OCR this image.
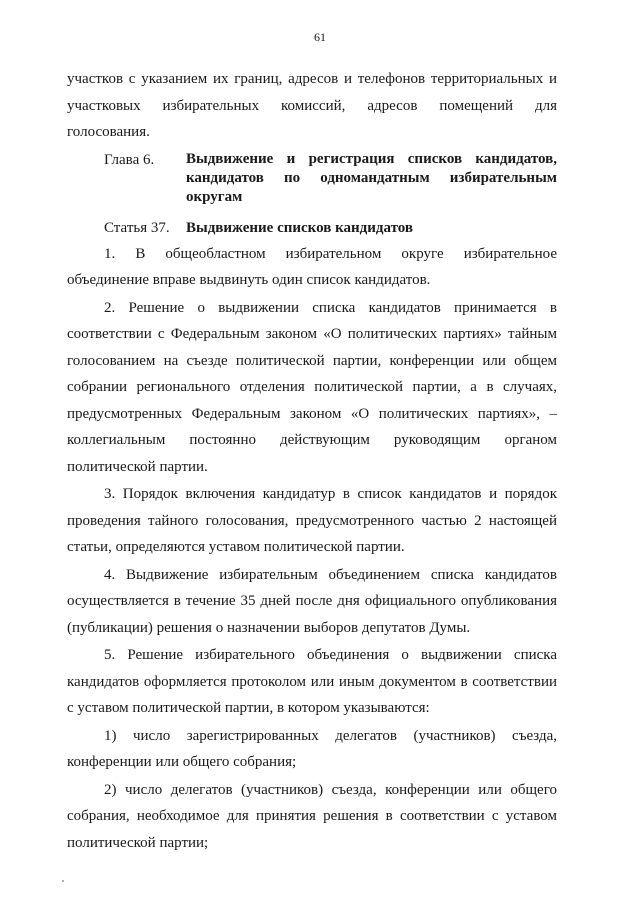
61

участков с указанием их границ, адресов и телефонов территориальных и

участковых избирательных комиссий, адресов помещений для

голосования.

Глава 6.	Выдвижение и регистрация списков кандидатов, кандидатов по одномандатным избирательным округам
Статья 37.	Выдвижение списков кандидатов

1. В общеобластном избирательном округе избирательное объединение вправе выдвинуть один список кандидатов.

2. Решение о выдвижении списка кандидатов принимается в соответствии с Федеральным законом «О политических партиях» тайным голосованием на съезде политической партии, конференции или общем собрании регионального отделения политической партии, а в случаях, предусмотренных Федеральным законом «О политических партиях», – коллегиальным постоянно действующим руководящим органом политической партии.

3. Порядок включения кандидатур в список кандидатов и порядок проведения тайного голосования, предусмотренного частью 2 настоящей статьи, определяются уставом политической партии.

4. Выдвижение избирательным объединением списка кандидатов осуществляется в течение 35 дней после дня официального опубликования (публикации) решения о назначении выборов депутатов Думы.

5. Решение избирательного объединения о выдвижении списка кандидатов оформляется протоколом или иным документом в соответствии с уставом политической партии, в котором указываются:

1) число зарегистрированных делегатов (участников) съезда, конференции или общего собрания;

2) число делегатов (участников) съезда, конференции или общего собрания, необходимое для принятия решения в соответствии с уставом политической партии;
